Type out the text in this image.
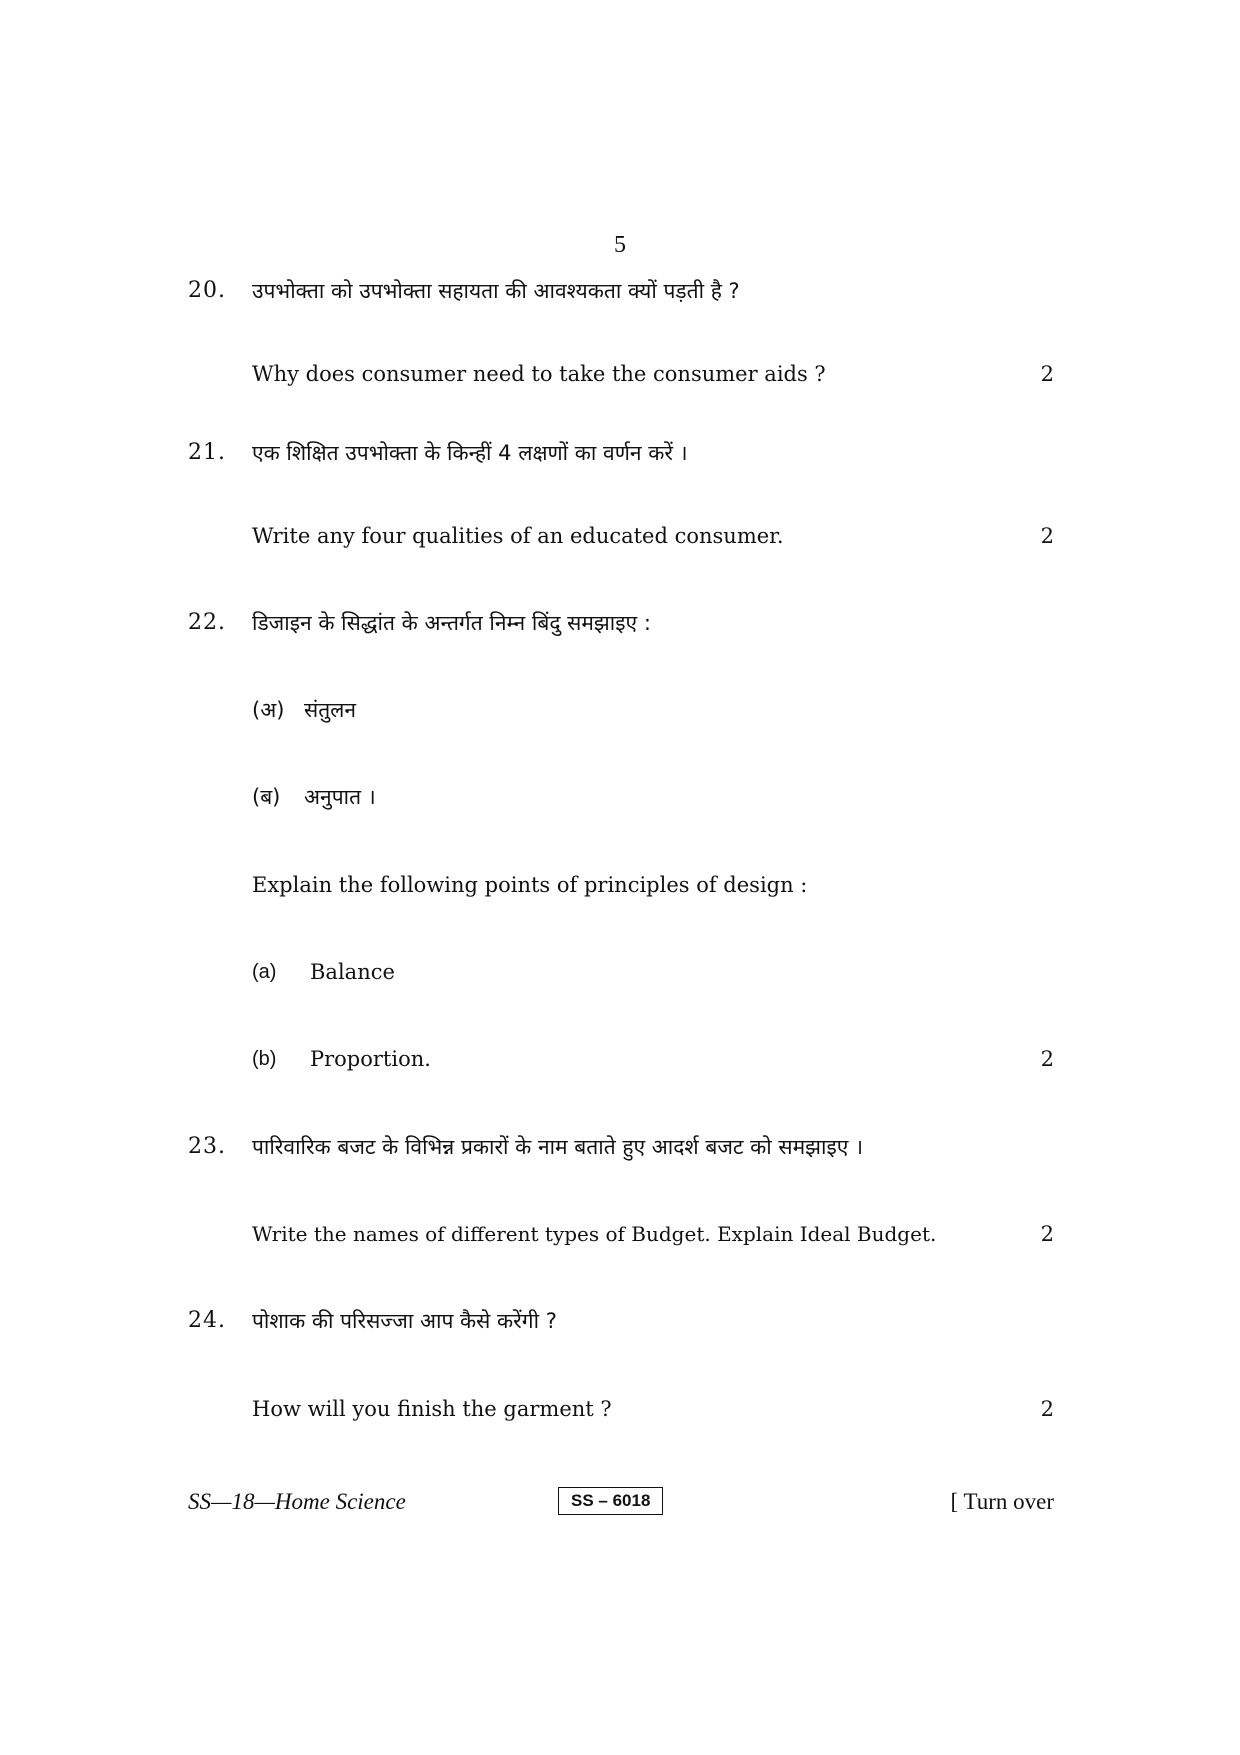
5
20.	उपभोक्ता को उपभोक्ता सहायता की आवश्यकता क्यों पड़ती है ?
Why does consumer need to take the consumer aids ?	2
21.	एक शिक्षित उपभोक्ता के किन्हीं 4 लक्षणों का वर्णन करें ।
Write any four qualities of an educated consumer.	2
22.	डिजाइन के सिद्धांत के अन्तर्गत निम्न बिंदु समझाइए :
(अ) संतुलन
(ब) अनुपात ।
Explain the following points of principles of design :
(a) Balance
(b) Proportion.	2
23.	पारिवारिक बजट के विभिन्न प्रकारों के नाम बताते हुए आदर्श बजट को समझाइए ।
Write the names of different types of Budget. Explain Ideal Budget.	2
24.	पोशाक की परिसज्जा आप कैसे करेंगी ?
How will you finish the garment ?	2
SS—18—Home Science	SS – 6018	[ Turn over
